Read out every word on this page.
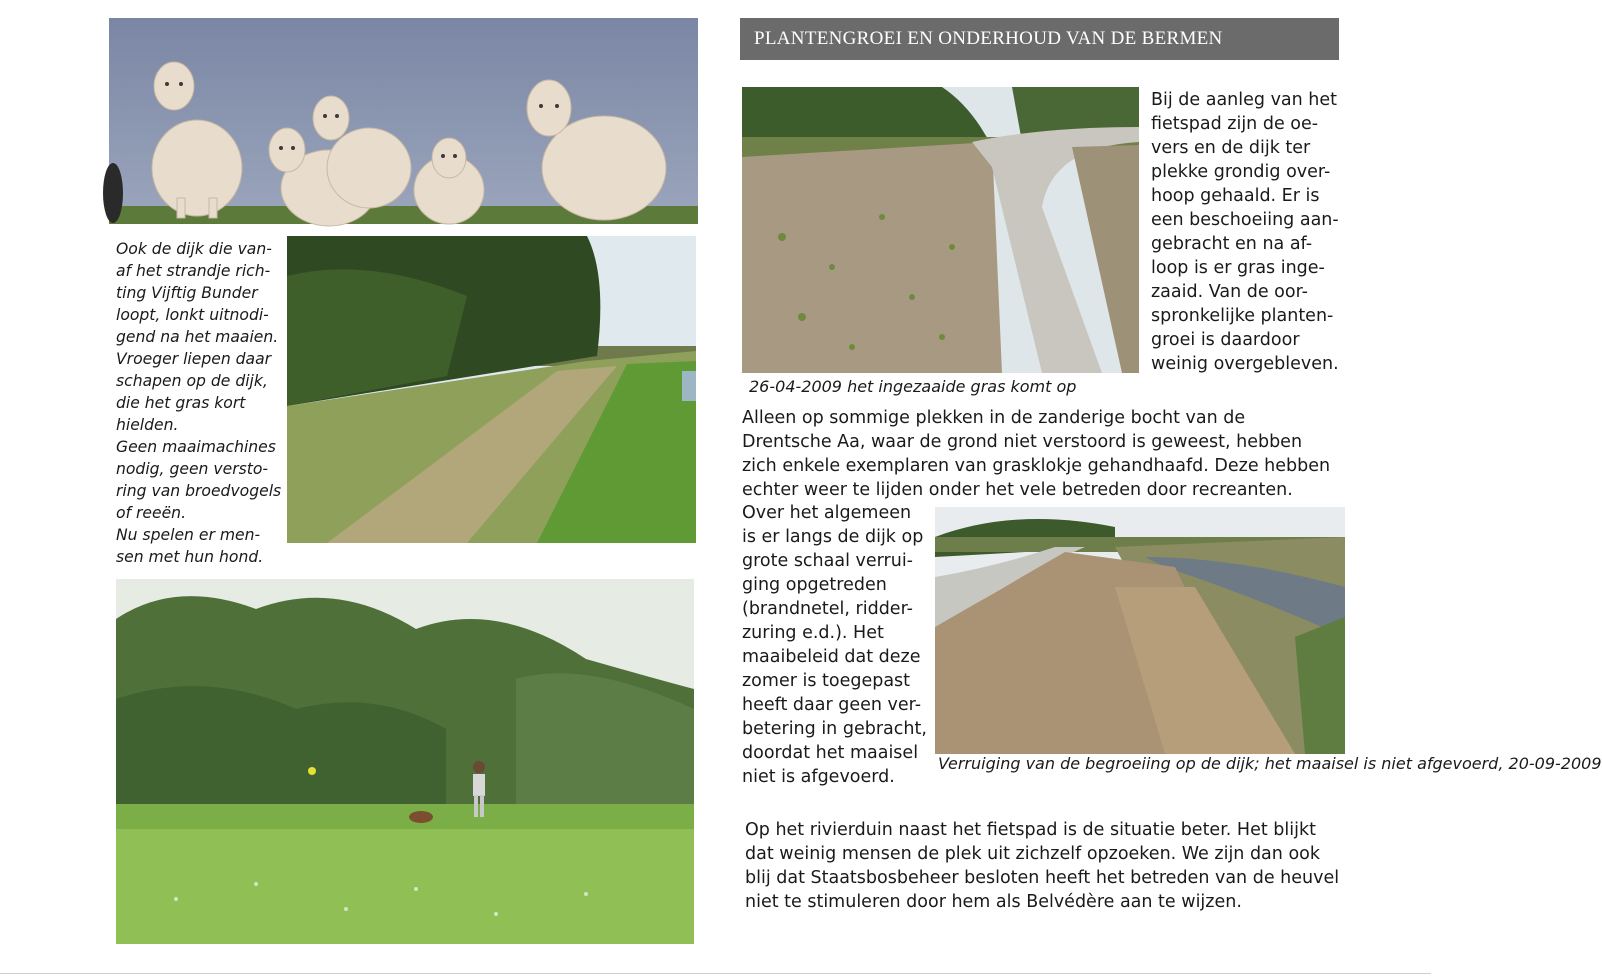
Ook de dijk die van-
af het strandje rich-
ting Vijftig Bunder
loopt, lonkt uitnodi-
gend na het maaien.
Vroeger liepen daar
schapen op de dijk,
die het gras kort
hielden.
Geen maaimachines
nodig, geen versto-
ring van broedvogels
of reeën.
Nu spelen er men-
sen met hun hond.

PLANTENGROEI EN ONDERHOUD VAN DE BERMEN

Bij de aanleg van het
fietspad zijn de oe-
vers en de dijk ter
plekke grondig over-
hoop gehaald. Er is
een beschoeiing aan-
gebracht en na af-
loop is er gras inge-
zaaid. Van de oor-
spronkelijke planten-
groei is daardoor
weinig overgebleven.

26-04-2009 het ingezaaide gras komt op

Alleen op sommige plekken in de zanderige bocht van de
Drentsche Aa, waar de grond niet verstoord is geweest, hebben
zich enkele exemplaren van grasklokje gehandhaafd. Deze hebben
echter weer te lijden onder het vele betreden door recreanten.

Over het algemeen
is er langs de dijk op
grote schaal verrui-
ging opgetreden
(brandnetel, ridder-
zuring e.d.). Het
maaibeleid dat deze
zomer is toegepast
heeft daar geen ver-
betering in gebracht,
doordat het maaisel
niet is afgevoerd.

Verruiging van de begroeiing op de dijk; het maaisel is niet afgevoerd, 20-09-2009

Op het rivierduin naast het fietspad is de situatie beter. Het blijkt
dat weinig mensen de plek uit zichzelf opzoeken. We zijn dan ook
blij dat Staatsbosbeheer besloten heeft het betreden van de heuvel
niet te stimuleren door hem als Belvédère aan te wijzen.
